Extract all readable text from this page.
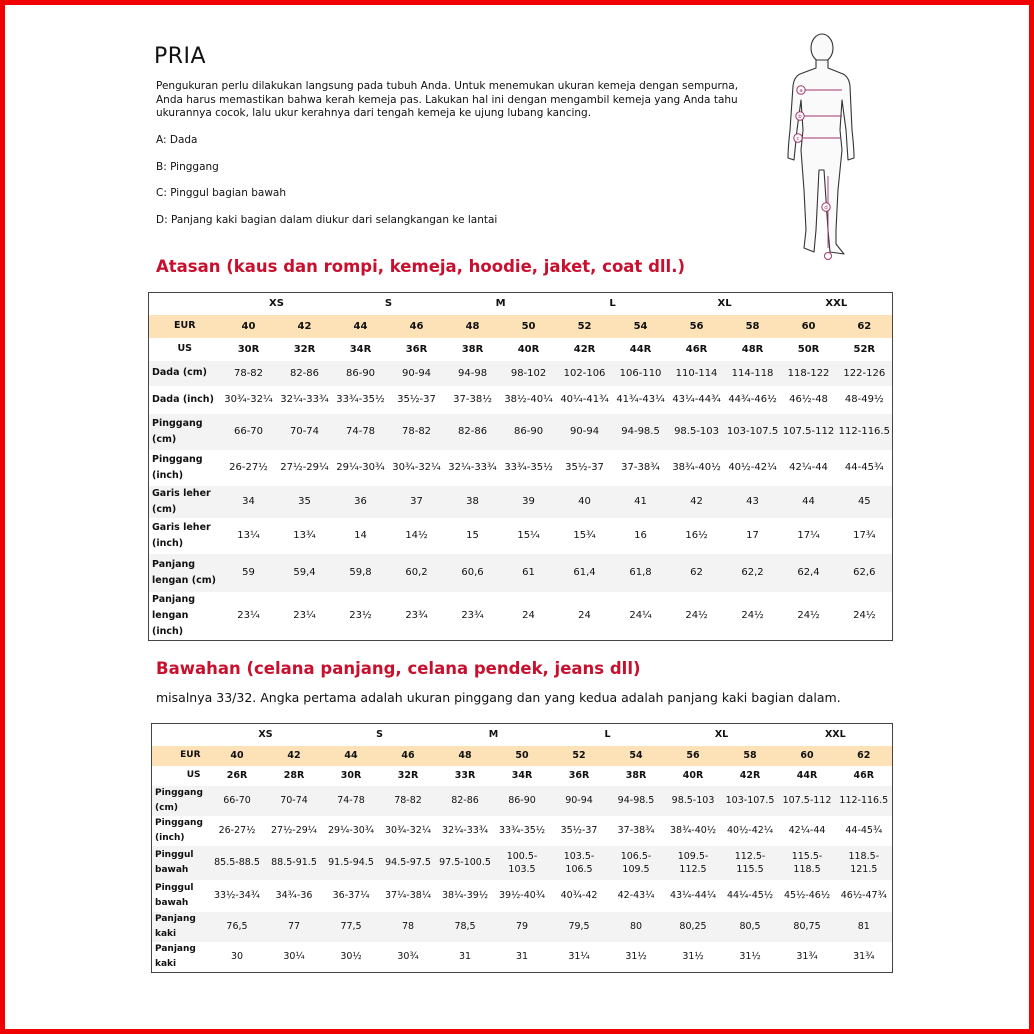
PRIA
Pengukuran perlu dilakukan langsung pada tubuh Anda. Untuk menemukan ukuran kemeja dengan sempurna, Anda harus memastikan bahwa kerah kemeja pas. Lakukan hal ini dengan mengambil kemeja yang Anda tahu ukurannya cocok, lalu ukur kerahnya dari tengah kemeja ke ujung lubang kancing.
A: Dada
B: Pinggang
C: Pinggul bagian bawah
D: Panjang kaki bagian dalam diukur dari selangkangan ke lantai
a
b
c
d
Atasan (kaus dan rompi, kemeja, hoodie, jaket, coat dll.)
	XS		S		M		L		XL		XXL	
EUR	40	42	44	46	48	50	52	54	56	58	60	62
US	30R	32R	34R	36R	38R	40R	42R	44R	46R	48R	50R	52R
Dada (cm)	78-82	82-86	86-90	90-94	94-98	98-102	102-106	106-110	110-114	114-118	118-122	122-126
Dada (inch)	30¾-32¼	32¼-33¾	33¾-35½	35½-37	37-38½	38½-40¼	40¼-41¾	41¾-43¼	43¼-44¾	44¾-46½	46½-48	48-49½
Pinggang (cm)	66-70	70-74	74-78	78-82	82-86	86-90	90-94	94-98.5	98.5-103	103-107.5	107.5-112	112-116.5
Pinggang (inch)	26-27½	27½-29¼	29¼-30¾	30¾-32¼	32¼-33¾	33¾-35½	35½-37	37-38¾	38¾-40½	40½-42¼	42¼-44	44-45¾
Garis leher (cm)	34	35	36	37	38	39	40	41	42	43	44	45
Garis leher (inch)	13¼	13¾	14	14½	15	15¼	15¾	16	16½	17	17¼	17¾
Panjang lengan (cm)	59	59,4	59,8	60,2	60,6	61	61,4	61,8	62	62,2	62,4	62,6
Panjang lengan (inch)	23¼	23¼	23½	23¾	23¾	24	24	24¼	24½	24½	24½	24½
Bawahan (celana panjang, celana pendek, jeans dll)
misalnya 33/32. Angka pertama adalah ukuran pinggang dan yang kedua adalah panjang kaki bagian dalam.
	XS		S		M		L		XL		XXL	
EUR	40	42	44	46	48	50	52	54	56	58	60	62
US	26R	28R	30R	32R	33R	34R	36R	38R	40R	42R	44R	46R
Pinggang (cm)	66-70	70-74	74-78	78-82	82-86	86-90	90-94	94-98.5	98.5-103	103-107.5	107.5-112	112-116.5
Pinggang (inch)	26-27½	27½-29¼	29¼-30¾	30¾-32¼	32¼-33¾	33¾-35½	35½-37	37-38¾	38¾-40½	40½-42¼	42¼-44	44-45¾
Pinggul bawah	85.5-88.5	88.5-91.5	91.5-94.5	94.5-97.5	97.5-100.5	100.5-103.5	103.5-106.5	106.5-109.5	109.5-112.5	112.5-115.5	115.5-118.5	118.5-121.5
Pinggul bawah	33½-34¾	34¾-36	36-37¼	37¼-38¼	38¼-39½	39½-40¾	40¾-42	42-43¼	43¼-44¼	44¼-45½	45½-46½	46½-47¾
Panjang kaki	76,5	77	77,5	78	78,5	79	79,5	80	80,25	80,5	80,75	81
Panjang kaki	30	30¼	30½	30¾	31	31	31¼	31½	31½	31½	31¾	31¾
